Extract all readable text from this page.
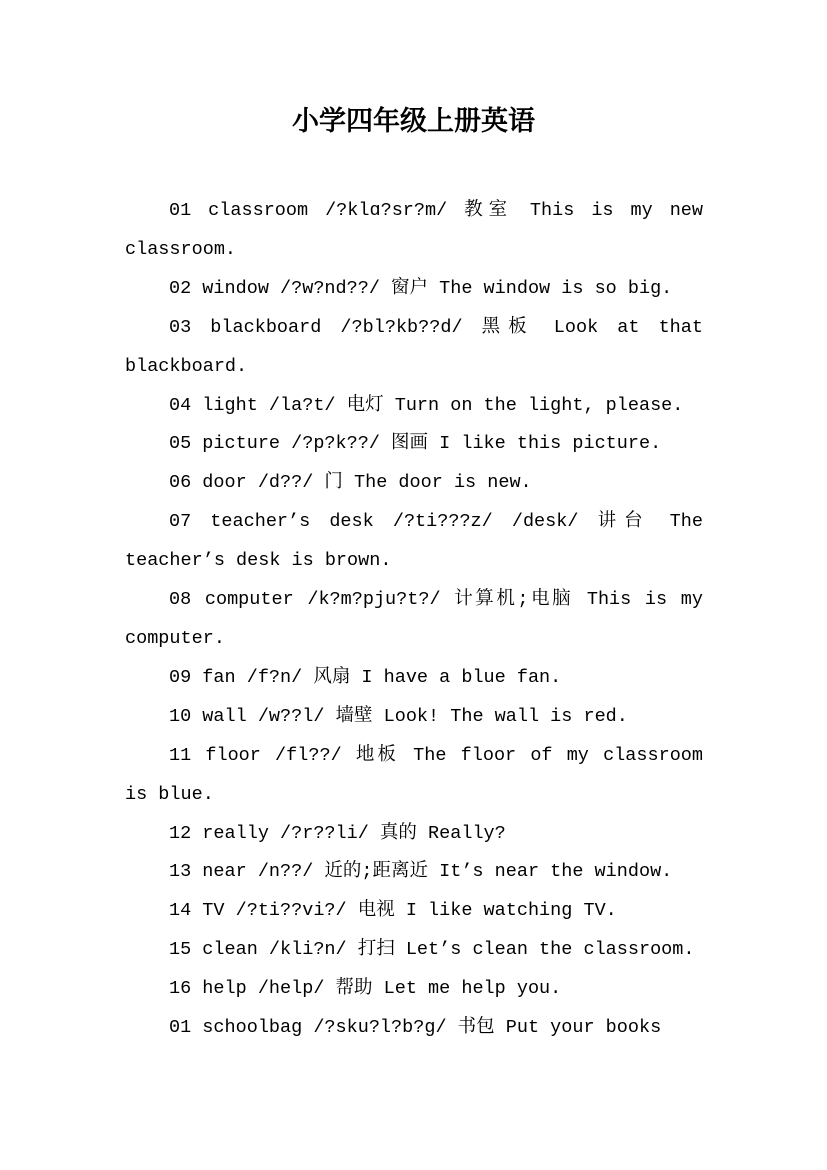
小学四年级上册英语

01 classroom /?klɑ?sr?m/ 教室 This is my new classroom.

02 window /?w?nd??/ 窗户 The window is so big.

03 blackboard /?bl?kb??d/ 黑板 Look at that blackboard.

04 light /la?t/ 电灯 Turn on the light, please.

05 picture /?p?k??/ 图画 I like this picture.

06 door /d??/ 门 The door is new.

07 teacher’s desk /?ti???z/ /desk/ 讲台 The teacher’s desk is brown.

08 computer /k?m?pju?t?/ 计算机;电脑 This is my computer.

09 fan /f?n/ 风扇 I have a blue fan.

10 wall /w??l/ 墙壁 Look! The wall is red.

11 floor /fl??/ 地板 The floor of my classroom is blue.

12 really /?r??li/ 真的 Really?

13 near /n??/ 近的;距离近 It’s near the window.

14 TV /?ti??vi?/ 电视 I like watching TV.

15 clean /kli?n/ 打扫 Let’s clean the classroom.

16 help /help/ 帮助 Let me help you.

01 schoolbag /?sku?l?b?g/ 书包 Put your books
